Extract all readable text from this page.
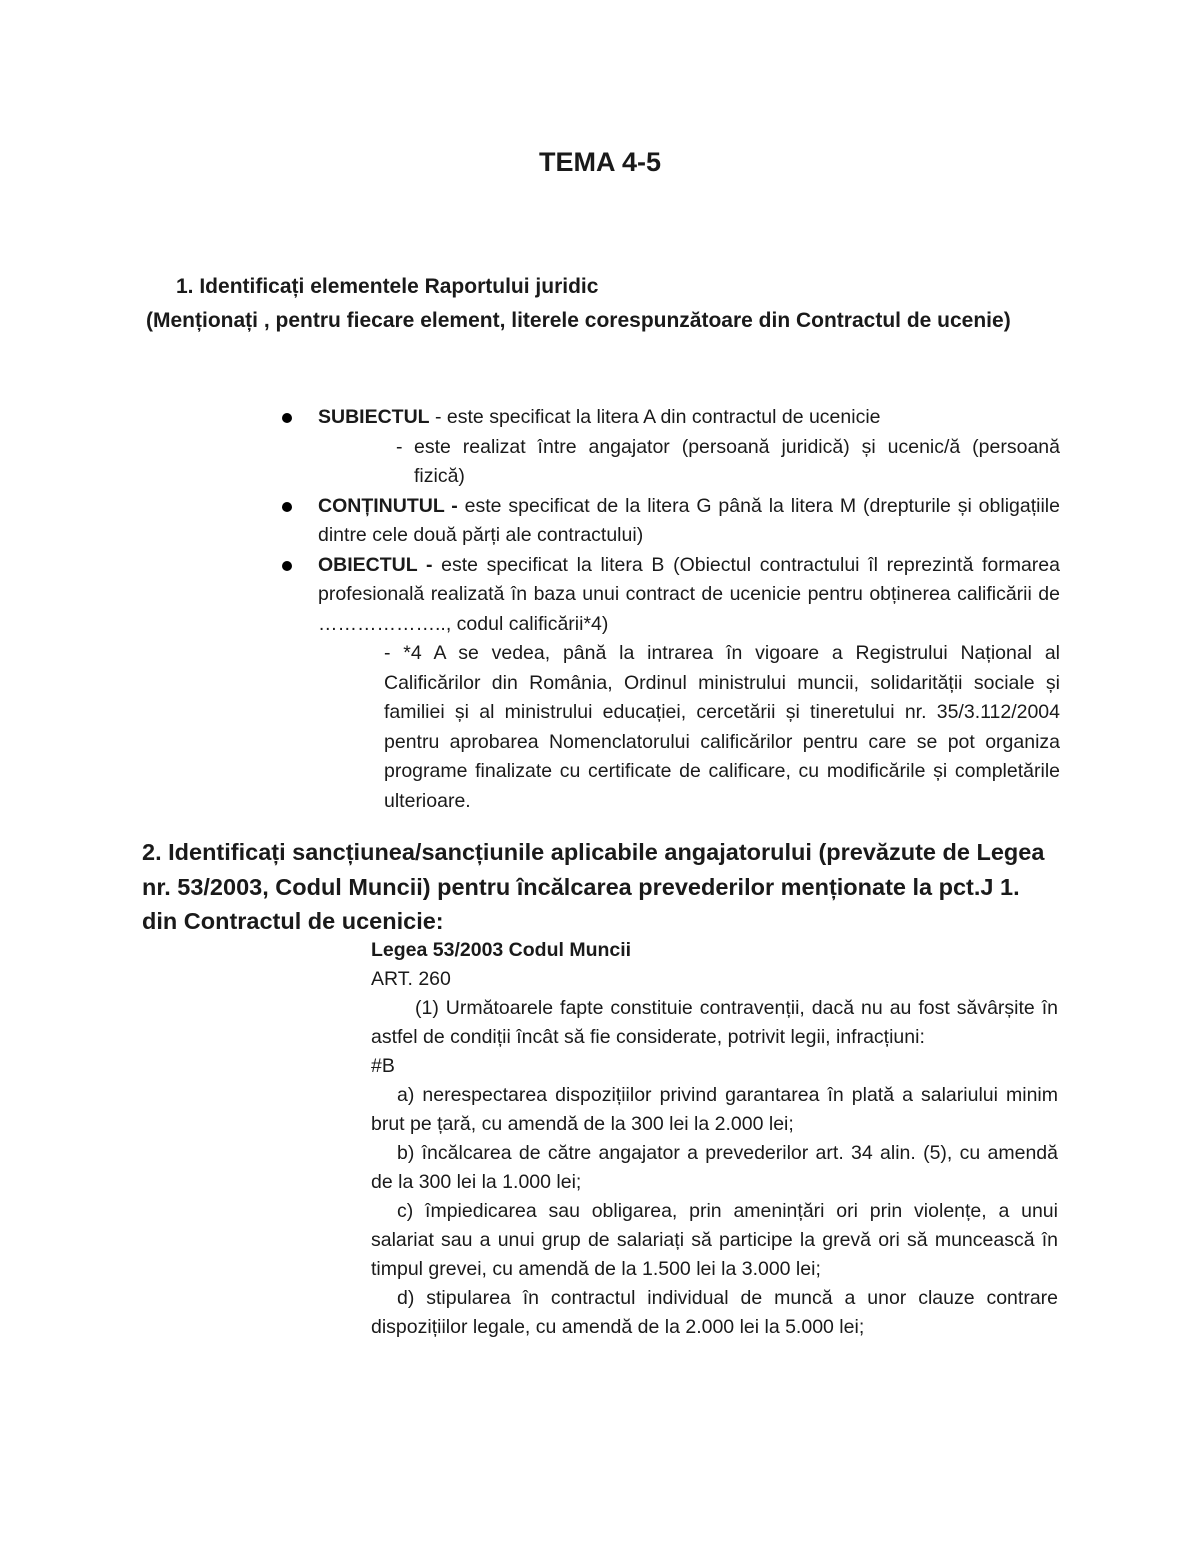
TEMA 4-5
1. Identificați elementele Raportului juridic
(Menționați , pentru fiecare element, literele corespunzătoare din Contractul de ucenie)
SUBIECTUL - este specificat la litera A din contractul de ucenicie
- este realizat între angajator (persoană juridică) și ucenic/ă (persoană fizică)
CONȚINUTUL - este specificat de la litera G până la litera M (drepturile și obligațiile dintre cele două părți ale contractului)
OBIECTUL - este specificat la litera B (Obiectul contractului îl reprezintă formarea profesională realizată în baza unui contract de ucenicie pentru obținerea calificării de ……………….., codul calificării*4)
- *4 A se vedea, până la intrarea în vigoare a Registrului Național al Calificărilor din România, Ordinul ministrului muncii, solidarității sociale și familiei și al ministrului educației, cercetării și tineretului nr. 35/3.112/2004 pentru aprobarea Nomenclatorului calificărilor pentru care se pot organiza programe finalizate cu certificate de calificare, cu modificările și completările ulterioare.
2. Identificați sancțiunea/sancțiunile aplicabile angajatorului (prevăzute de Legea nr. 53/2003, Codul Muncii) pentru încălcarea prevederilor menționate la pct.J 1. din Contractul de ucenicie:

Legea 53/2003 Codul Muncii

ART. 260

(1) Următoarele fapte constituie contravenții, dacă nu au fost săvârșite în astfel de condiții încât să fie considerate, potrivit legii, infracțiuni:

#B

a) nerespectarea dispozițiilor privind garantarea în plată a salariului minim brut pe țară, cu amendă de la 300 lei la 2.000 lei;

b) încălcarea de către angajator a prevederilor art. 34 alin. (5), cu amendă de la 300 lei la 1.000 lei;

c) împiedicarea sau obligarea, prin amenințări ori prin violențe, a unui salariat sau a unui grup de salariați să participe la grevă ori să muncească în timpul grevei, cu amendă de la 1.500 lei la 3.000 lei;

d) stipularea în contractul individual de muncă a unor clauze contrare dispozițiilor legale, cu amendă de la 2.000 lei la 5.000 lei;
